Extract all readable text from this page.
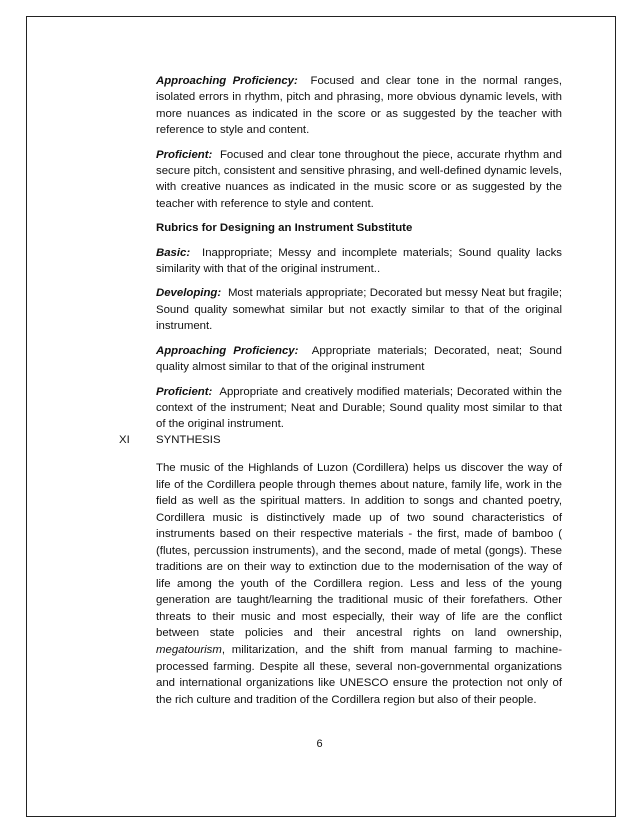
Approaching Proficiency: Focused and clear tone in the normal ranges, isolated errors in rhythm, pitch and phrasing, more obvious dynamic levels, with more nuances as indicated in the score or as suggested by the teacher with reference to style and content.

Proficient: Focused and clear tone throughout the piece, accurate rhythm and secure pitch, consistent and sensitive phrasing, and well-defined dynamic levels, with creative nuances as indicated in the music score or as suggested by the teacher with reference to style and content.

Rubrics for Designing an Instrument Substitute

Basic: Inappropriate; Messy and incomplete materials; Sound quality lacks similarity with that of the original instrument..

Developing: Most materials appropriate; Decorated but messy Neat but fragile; Sound quality somewhat similar but not exactly similar to that of the original instrument.

Approaching Proficiency: Appropriate materials; Decorated, neat; Sound quality almost similar to that of the original instrument

Proficient: Appropriate and creatively modified materials; Decorated within the context of the instrument; Neat and Durable; Sound quality most similar to that of the original instrument.

XI SYNTHESIS

The music of the Highlands of Luzon (Cordillera) helps us discover the way of life of the Cordillera people through themes about nature, family life, work in the field as well as the spiritual matters. In addition to songs and chanted poetry, Cordillera music is distinctively made up of two sound characteristics of instruments based on their respective materials - the first, made of bamboo ( (flutes, percussion instruments), and the second, made of metal (gongs). These traditions are on their way to extinction due to the modernisation of the way of life among the youth of the Cordillera region. Less and less of the young generation are taught/learning the traditional music of their forefathers. Other threats to their music and most especially, their way of life are the conflict between state policies and their ancestral rights on land ownership, megatourism, militarization, and the shift from manual farming to machine-processed farming. Despite all these, several non-governmental organizations and international organizations like UNESCO ensure the protection not only of the rich culture and tradition of the Cordillera region but also of their people.

6
